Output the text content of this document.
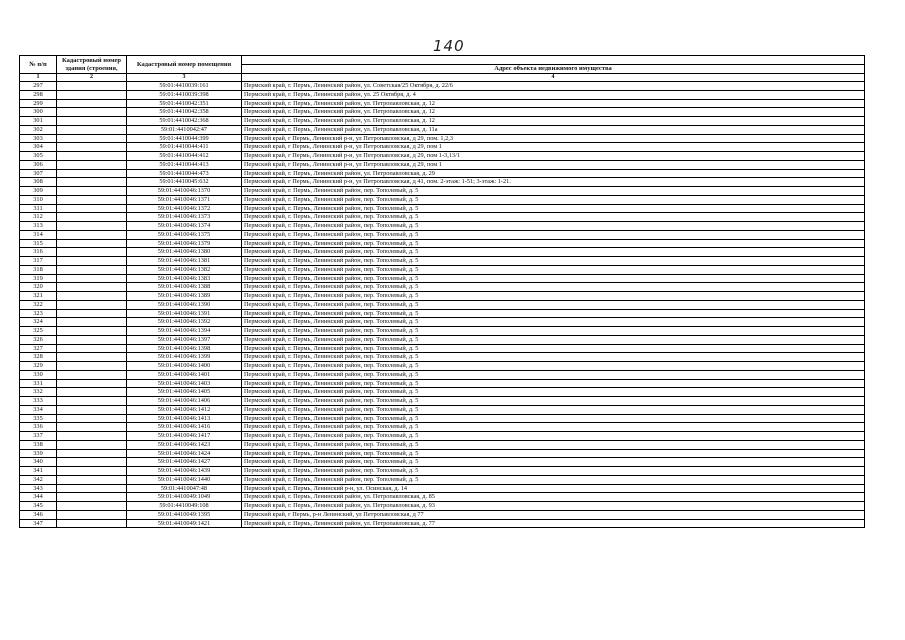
140
№ п/п	Кадастровый номер здания (строения,	Кадастровый номер помещения	
			Адрес объекта недвижимого имущества
1	2	3	4
297		59:01:4410039:161	Пермский край, г. Пермь, Ленинский район, ул. Советская/25 Октября, д. 22/6
298		59:01:4410039:398	Пермский край, г. Пермь, Ленинский район, ул. 25 Октября, д. 4
299		59:01:4410042:351	Пермский край, г. Пермь, Ленинский район, ул. Петропавловская, д. 12
300		59:01:4410042:358	Пермский край, г. Пермь, Ленинский район, ул. Петропавловская, д. 12
301		59:01:4410042:368	Пермский край, г. Пермь, Ленинский район, ул. Петропавловская, д. 12
302		59:01:4410042:47	Пермский край, г. Пермь, Ленинский район, ул. Петропавловская, д. 11а
303		59:01:4410044:399	Пермский край, г Пермь, Ленинский р-н, ул Петропавловская, д 29, пом. 1,2,3
304		59:01:4410044:411	Пермский край, г Пермь, Ленинский р-н, ул Петропавловская, д 29, пом 1
305		59:01:4410044:412	Пермский край, г Пермь, Ленинский р-н, ул Петропавловская, д 29, пом 1-3,13/1
306		59:01:4410044:413	Пермский край, г Пермь, Ленинский р-н, ул Петропавловская, д 29, пом 1
307		59:01:4410044:473	Пермский край, г. Пермь, Ленинский район, ул. Петропавловская, д. 29
308		59:01:4410045:632	Пермский край, г Пермь, Ленинский р-н, ул Петропавловская, д 41, пом. 2-этаж: 1-51; 3-этаж: 1-21.
309		59:01:4410046:1370	Пермский край, г. Пермь, Ленинский район, пер. Тополевый, д. 5
310		59:01:4410046:1371	Пермский край, г. Пермь, Ленинский район, пер. Тополевый, д. 5
311		59:01:4410046:1372	Пермский край, г. Пермь, Ленинский район, пер. Тополевый, д. 5
312		59:01:4410046:1373	Пермский край, г. Пермь, Ленинский район, пер. Тополевый, д. 5
313		59:01:4410046:1374	Пермский край, г. Пермь, Ленинский район, пер. Тополевый, д. 5
314		59:01:4410046:1375	Пермский край, г. Пермь, Ленинский район, пер. Тополевый, д. 5
315		59:01:4410046:1379	Пермский край, г. Пермь, Ленинский район, пер. Тополевый, д. 5
316		59:01:4410046:1380	Пермский край, г. Пермь, Ленинский район, пер. Тополевый, д. 5
317		59:01:4410046:1381	Пермский край, г. Пермь, Ленинский район, пер. Тополевый, д. 5
318		59:01:4410046:1382	Пермский край, г. Пермь, Ленинский район, пер. Тополевый, д. 5
319		59:01:4410046:1383	Пермский край, г. Пермь, Ленинский район, пер. Тополевый, д. 5
320		59:01:4410046:1388	Пермский край, г. Пермь, Ленинский район, пер. Тополевый, д. 5
321		59:01:4410046:1389	Пермский край, г. Пермь, Ленинский район, пер. Тополевый, д. 5
322		59:01:4410046:1390	Пермский край, г. Пермь, Ленинский район, пер. Тополевый, д. 5
323		59:01:4410046:1391	Пермский край, г. Пермь, Ленинский район, пер. Тополевый, д. 5
324		59:01:4410046:1392	Пермский край, г. Пермь, Ленинский район, пер. Тополевый, д. 5
325		59:01:4410046:1394	Пермский край, г. Пермь, Ленинский район, пер. Тополевый, д. 5
326		59:01:4410046:1397	Пермский край, г. Пермь, Ленинский район, пер. Тополевый, д. 5
327		59:01:4410046:1398	Пермский край, г. Пермь, Ленинский район, пер. Тополевый, д. 5
328		59:01:4410046:1399	Пермский край, г. Пермь, Ленинский район, пер. Тополевый, д. 5
329		59:01:4410046:1400	Пермский край, г. Пермь, Ленинский район, пер. Тополевый, д. 5
330		59:01:4410046:1401	Пермский край, г. Пермь, Ленинский район, пер. Тополевый, д. 5
331		59:01:4410046:1403	Пермский край, г. Пермь, Ленинский район, пер. Тополевый, д. 5
332		59:01:4410046:1405	Пермский край, г. Пермь, Ленинский район, пер. Тополевый, д. 5
333		59:01:4410046:1406	Пермский край, г. Пермь, Ленинский район, пер. Тополевый, д. 5
334		59:01:4410046:1412	Пермский край, г. Пермь, Ленинский район, пер. Тополевый, д. 5
335		59:01:4410046:1413	Пермский край, г. Пермь, Ленинский район, пер. Тополевый, д. 5
336		59:01:4410046:1416	Пермский край, г. Пермь, Ленинский район, пер. Тополевый, д. 5
337		59:01:4410046:1417	Пермский край, г. Пермь, Ленинский район, пер. Тополевый, д. 5
338		59:01:4410046:1423	Пермский край, г. Пермь, Ленинский район, пер. Тополевый, д. 5
339		59:01:4410046:1424	Пермский край, г. Пермь, Ленинский район, пер. Тополевый, д. 5
340		59:01:4410046:1427	Пермский край, г. Пермь, Ленинский район, пер. Тополевый, д. 5
341		59:01:4410046:1439	Пермский край, г. Пермь, Ленинский район, пер. Тополевый, д. 5
342		59:01:4410046:1440	Пермский край, г. Пермь, Ленинский район, пер. Тополевый, д. 5
343		59:01:4410047:48	Пермский край, г. Пермь, Ленинский р-н, ул. Осинская, д. 14
344		59:01:4410049:1049	Пермский край, г. Пермь, Ленинский район, ул. Петропавловская, д. 85
345		59:01:4410049:108	Пермский край, г. Пермь, Ленинский район, ул. Петропавловская, д. 93
346		59:01:4410049:1395	Пермский край, г Пермь, р-н Ленинский, ул Петропавловская, д 77
347		59:01:4410049:1421	Пермский край, г. Пермь, Ленинский район, ул. Петропавловская, д. 77
